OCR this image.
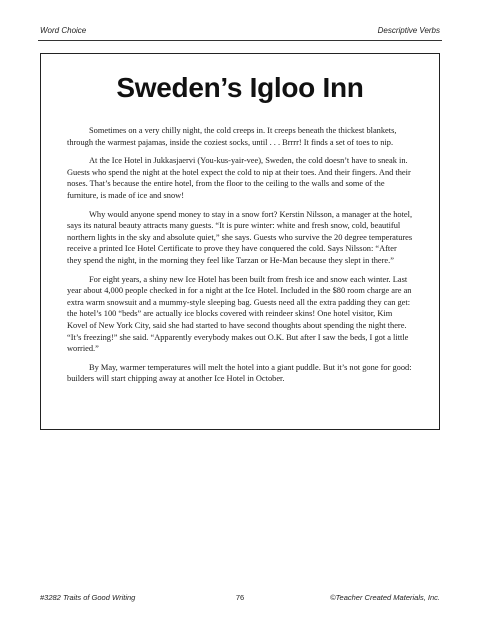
Word Choice	Descriptive Verbs
Sweden’s Igloo Inn

Sometimes on a very chilly night, the cold creeps in. It creeps beneath the thickest blankets, through the warmest pajamas, inside the coziest socks, until . . . Brrrr! It finds a set of toes to nip.

At the Ice Hotel in Jukkasjaervi (You-kus-yair-vee), Sweden, the cold doesn’t have to sneak in. Guests who spend the night at the hotel expect the cold to nip at their toes. And their fingers. And their noses. That’s because the entire hotel, from the floor to the ceiling to the walls and some of the furniture, is made of ice and snow!

Why would anyone spend money to stay in a snow fort? Kerstin Nilsson, a manager at the hotel, says its natural beauty attracts many guests. “It is pure winter: white and fresh snow, cold, beautiful northern lights in the sky and absolute quiet,” she says. Guests who survive the 20 degree temperatures receive a printed Ice Hotel Certificate to prove they have conquered the cold. Says Nilsson: “After they spend the night, in the morning they feel like Tarzan or He-Man because they slept in there.”

For eight years, a shiny new Ice Hotel has been built from fresh ice and snow each winter. Last year about 4,000 people checked in for a night at the Ice Hotel. Included in the $80 room charge are an extra warm snowsuit and a mummy-style sleeping bag. Guests need all the extra padding they can get: the hotel’s 100 “beds” are actually ice blocks covered with reindeer skins! One hotel visitor, Kim Kovel of New York City, said she had started to have second thoughts about spending the night there. “It’s freezing!” she said. “Apparently everybody makes out O.K. But after I saw the beds, I got a little worried.”

By May, warmer temperatures will melt the hotel into a giant puddle. But it’s not gone for good: builders will start chipping away at another Ice Hotel in October.

#3282 Traits of Good Writing	76	©Teacher Created Materials, Inc.
